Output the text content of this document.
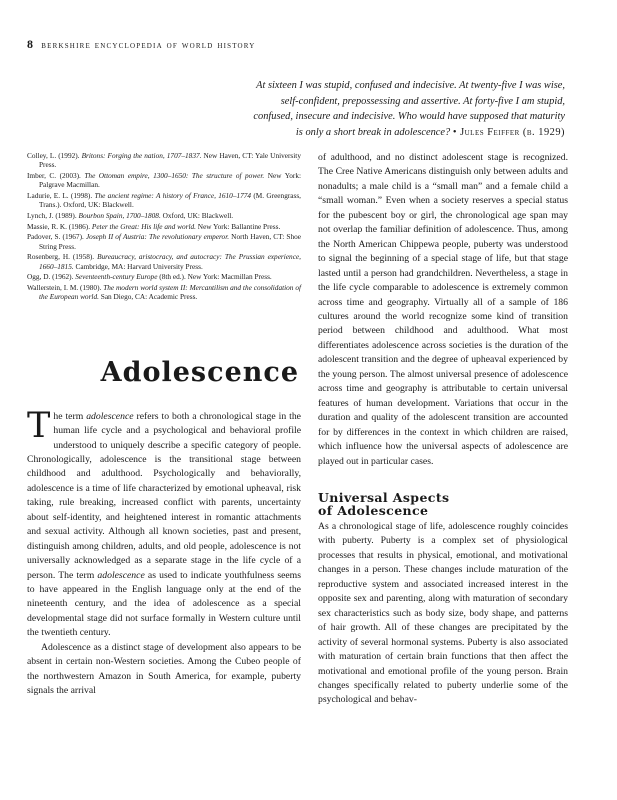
8 berkshire encyclopedia of world history
At sixteen I was stupid, confused and indecisive. At twenty-five I was wise,
self-confident, prepossessing and assertive. At forty-five I am stupid,
confused, insecure and indecisive. Who would have supposed that maturity
is only a short break in adolescence? • Jules Feiffer (b. 1929)

Colley, L. (1992). Britons: Forging the nation, 1707–1837. New Haven, CT: Yale University Press.

Imber, C. (2003). The Ottoman empire, 1300–1650: The structure of power. New York: Palgrave Macmillan.

Ladurie, E. L. (1998). The ancient regime: A history of France, 1610–1774 (M. Greengrass, Trans.). Oxford, UK: Blackwell.

Lynch, J. (1989). Bourbon Spain, 1700–1808. Oxford, UK: Blackwell.

Massie, R. K. (1986). Peter the Great: His life and world. New York: Ballantine Press.

Padover, S. (1967). Joseph II of Austria: The revolutionary emperor. North Haven, CT: Shoe String Press.

Rosenberg, H. (1958). Bureaucracy, aristocracy, and autocracy: The Prussian experience, 1660–1815. Cambridge, MA: Harvard University Press.

Ogg, D. (1962). Seventeenth-century Europe (8th ed.). New York: Macmillan Press.

Wallerstein, I. M. (1980). The modern world system II: Mercantilism and the consolidation of the European world. San Diego, CA: Academic Press.

Adolescence

The term adolescence refers to both a chronological stage in the human life cycle and a psychological and behavioral profile understood to uniquely describe a specific category of people. Chronologically, adolescence is the transitional stage between childhood and adulthood. Psychologically and behaviorally, adolescence is a time of life characterized by emotional upheaval, risk taking, rule breaking, increased conflict with parents, uncertainty about self-identity, and heightened interest in romantic attachments and sexual activity. Although all known societies, past and present, distinguish among children, adults, and old people, adolescence is not universally acknowledged as a separate stage in the life cycle of a person. The term adolescence as used to indicate youthfulness seems to have appeared in the English language only at the end of the nineteenth century, and the idea of adolescence as a special developmental stage did not surface formally in Western culture until the twentieth century.

Adolescence as a distinct stage of development also appears to be absent in certain non-Western societies. Among the Cubeo people of the northwestern Amazon in South America, for example, puberty signals the arrival

of adulthood, and no distinct adolescent stage is recognized. The Cree Native Americans distinguish only between adults and nonadults; a male child is a “small man” and a female child a “small woman.” Even when a society reserves a special status for the pubescent boy or girl, the chronological age span may not overlap the familiar definition of adolescence. Thus, among the North American Chippewa people, puberty was understood to signal the beginning of a special stage of life, but that stage lasted until a person had grandchildren. Nevertheless, a stage in the life cycle comparable to adolescence is extremely common across time and geography. Virtually all of a sample of 186 cultures around the world recognize some kind of transition period between childhood and adulthood. What most differentiates adolescence across societies is the duration of the adolescent transition and the degree of upheaval experienced by the young person. The almost universal presence of adolescence across time and geography is attributable to certain universal features of human development. Variations that occur in the duration and quality of the adolescent transition are accounted for by differences in the context in which children are raised, which influence how the universal aspects of adolescence are played out in particular cases.

Universal Aspects
of Adolescence

As a chronological stage of life, adolescence roughly coincides with puberty. Puberty is a complex set of physiological processes that results in physical, emotional, and motivational changes in a person. These changes include maturation of the reproductive system and associated increased interest in the opposite sex and parenting, along with maturation of secondary sex characteristics such as body size, body shape, and patterns of hair growth. All of these changes are precipitated by the activity of several hormonal systems. Puberty is also associated with maturation of certain brain functions that then affect the motivational and emotional profile of the young person. Brain changes specifically related to puberty underlie some of the psychological and behav-
